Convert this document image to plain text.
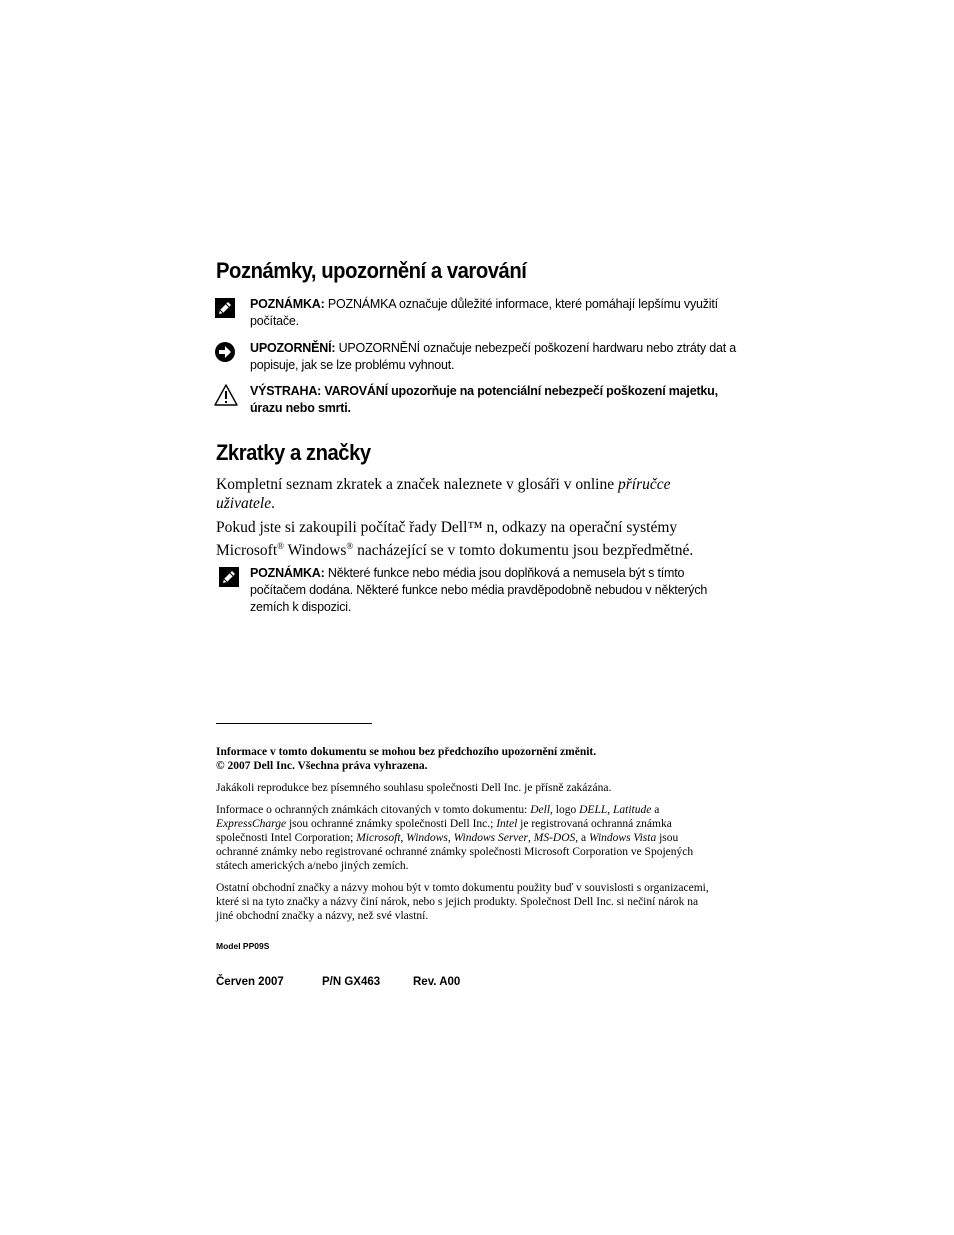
Poznámky, upozornění a varování
POZNÁMKA: POZNÁMKA označuje důležité informace, které pomáhají lepšímu využití počítače.
UPOZORNĚNÍ: UPOZORNĚNÍ označuje nebezpečí poškození hardwaru nebo ztráty dat a popisuje, jak se lze problému vyhnout.
VÝSTRAHA: VAROVÁNÍ upozorňuje na potenciální nebezpečí poškození majetku, úrazu nebo smrti.
Zkratky a značky
Kompletní seznam zkratek a značek naleznete v glosáři v online příručce uživatele.
Pokud jste si zakoupili počítač řady Dell™ n, odkazy na operační systémy Microsoft® Windows® nacházející se v tomto dokumentu jsou bezpředmětné.
POZNÁMKA: Některé funkce nebo média jsou doplňková a nemusela být s tímto počítačem dodána. Některé funkce nebo média pravděpodobně nebudou v některých zemích k dispozici.
Informace v tomto dokumentu se mohou bez předchozího upozornění změnit.
© 2007 Dell Inc. Všechna práva vyhrazena.
Jakákoli reprodukce bez písemného souhlasu společnosti Dell Inc. je přísně zakázána.
Informace o ochranných známkách citovaných v tomto dokumentu: Dell, logo DELL, Latitude a ExpressCharge jsou ochranné známky společnosti Dell Inc.; Intel je registrovaná ochranná známka společnosti Intel Corporation; Microsoft, Windows, Windows Server, MS-DOS, a Windows Vista jsou ochranné známky nebo registrované ochranné známky společnosti Microsoft Corporation ve Spojených státech amerických a/nebo jiných zemích.
Ostatní obchodní značky a názvy mohou být v tomto dokumentu použity buď v souvislosti s organizacemi, které si na tyto značky a názvy činí nárok, nebo s jejich produkty. Společnost Dell Inc. si nečiní nárok na jiné obchodní značky a názvy, než své vlastní.
Model PP09S
Červen 2007	P/N GX463	Rev. A00
